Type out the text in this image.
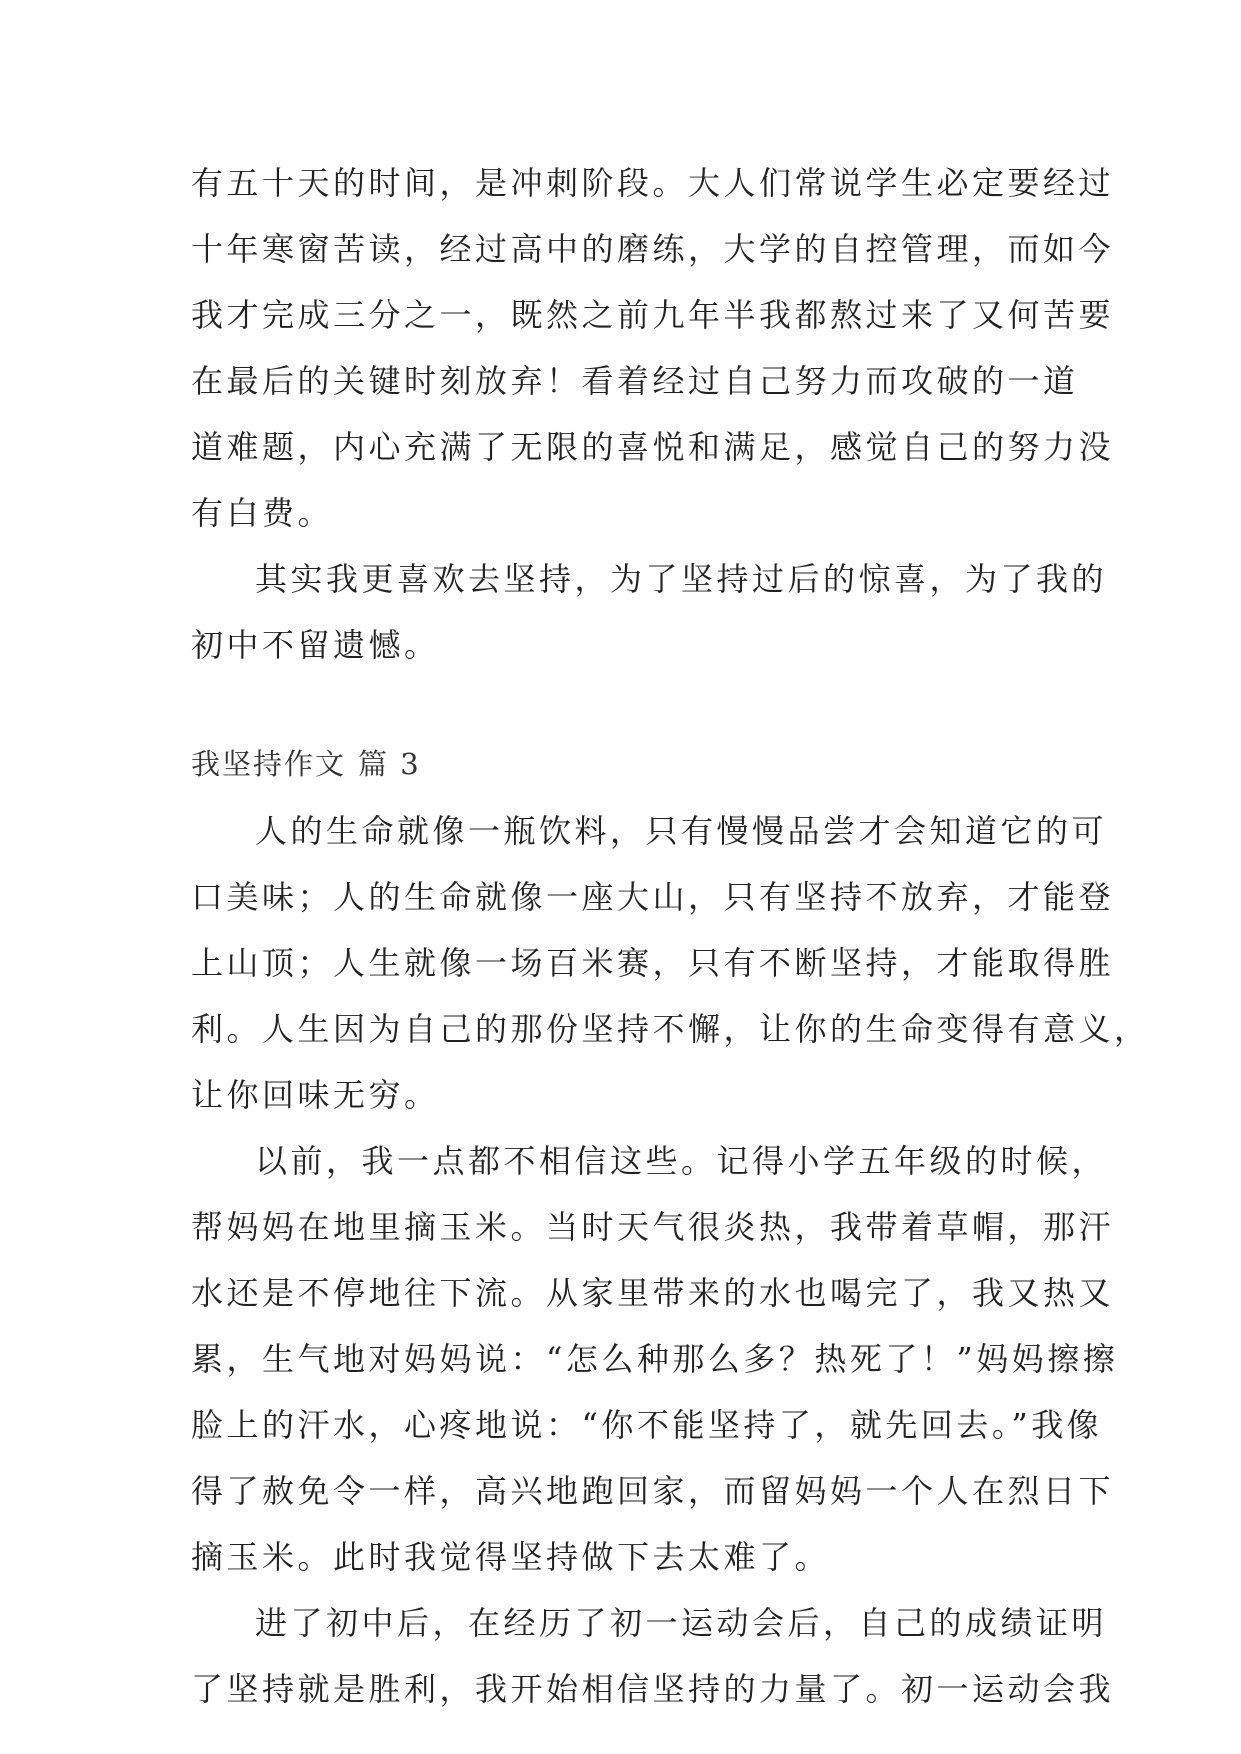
有五十天的时间，是冲刺阶段。大人们常说学生必定要经过
十年寒窗苦读，经过高中的磨练，大学的自控管理，而如今
我才完成三分之一，既然之前九年半我都熬过来了又何苦要
在最后的关键时刻放弃！看着经过自己努力而攻破的一道
道难题，内心充满了无限的喜悦和满足，感觉自己的努力没
有白费。
其实我更喜欢去坚持，为了坚持过后的惊喜，为了我的
初中不留遗憾。
我坚持作文 篇 3
人的生命就像一瓶饮料，只有慢慢品尝才会知道它的可
口美味；人的生命就像一座大山，只有坚持不放弃，才能登
上山顶；人生就像一场百米赛，只有不断坚持，才能取得胜
利。人生因为自己的那份坚持不懈，让你的生命变得有意义，
让你回味无穷。
以前，我一点都不相信这些。记得小学五年级的时候，
帮妈妈在地里摘玉米。当时天气很炎热，我带着草帽，那汗
水还是不停地往下流。从家里带来的水也喝完了，我又热又
累，生气地对妈妈说：“怎么种那么多？热死了！”妈妈擦擦
脸上的汗水，心疼地说：“你不能坚持了，就先回去。”我像
得了赦免令一样，高兴地跑回家，而留妈妈一个人在烈日下
摘玉米。此时我觉得坚持做下去太难了。
进了初中后，在经历了初一运动会后，自己的成绩证明
了坚持就是胜利，我开始相信坚持的力量了。初一运动会我
